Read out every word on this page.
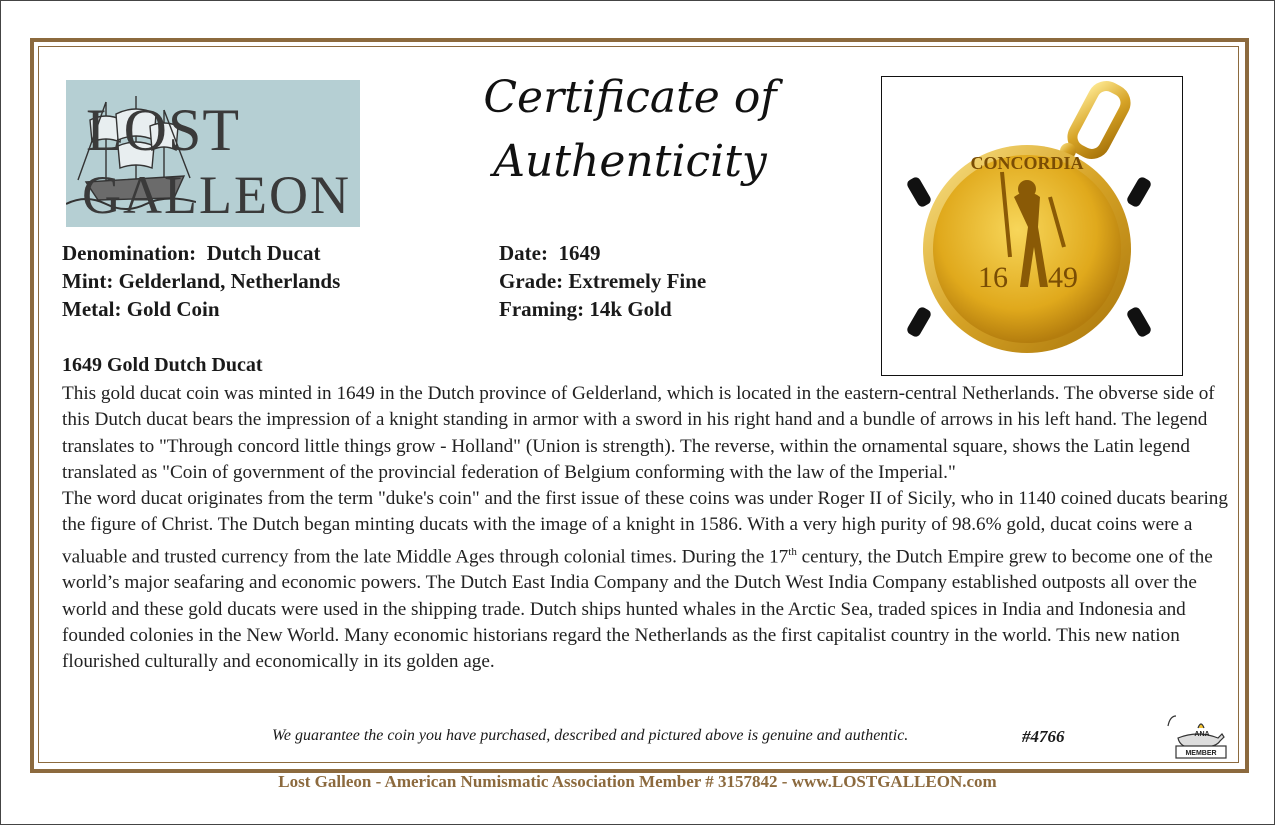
LOST
GALLEON
Certificate of
Authenticity	CONCORDIA
16 49
Denomination: Dutch Ducat
Mint: Gelderland, Netherlands
Metal: Gold Coin
Date: 1649
Grade: Extremely Fine
Framing: 14k Gold
1649 Gold Dutch Ducat

This gold ducat coin was minted in 1649 in the Dutch province of Gelderland, which is located in the eastern-central Netherlands. The obverse side of this Dutch ducat bears the impression of a knight standing in armor with a sword in his right hand and a bundle of arrows in his left hand. The legend translates to "Through concord little things grow - Holland" (Union is strength). The reverse, within the ornamental square, shows the Latin legend translated as "Coin of government of the provincial federation of Belgium conforming with the law of the Imperial."

The word ducat originates from the term "duke's coin" and the first issue of these coins was under Roger II of Sicily, who in 1140 coined ducats bearing the figure of Christ. The Dutch began minting ducats with the image of a knight in 1586. With a very high purity of 98.6% gold, ducat coins were a valuable and trusted currency from the late Middle Ages through colonial times. During the 17th century, the Dutch Empire grew to become one of the world’s major seafaring and economic powers. The Dutch East India Company and the Dutch West India Company established outposts all over the world and these gold ducats were used in the shipping trade. Dutch ships hunted whales in the Arctic Sea, traded spices in India and Indonesia and founded colonies in the New World. Many economic historians regard the Netherlands as the first capitalist country in the world. This new nation flourished culturally and economically in its golden age.

We guarantee the coin you have purchased, described and pictured above is genuine and authentic.	#4766	ANA
MEMBER
Lost Galleon - American Numismatic Association Member # 3157842 - www.LOSTGALLEON.com
